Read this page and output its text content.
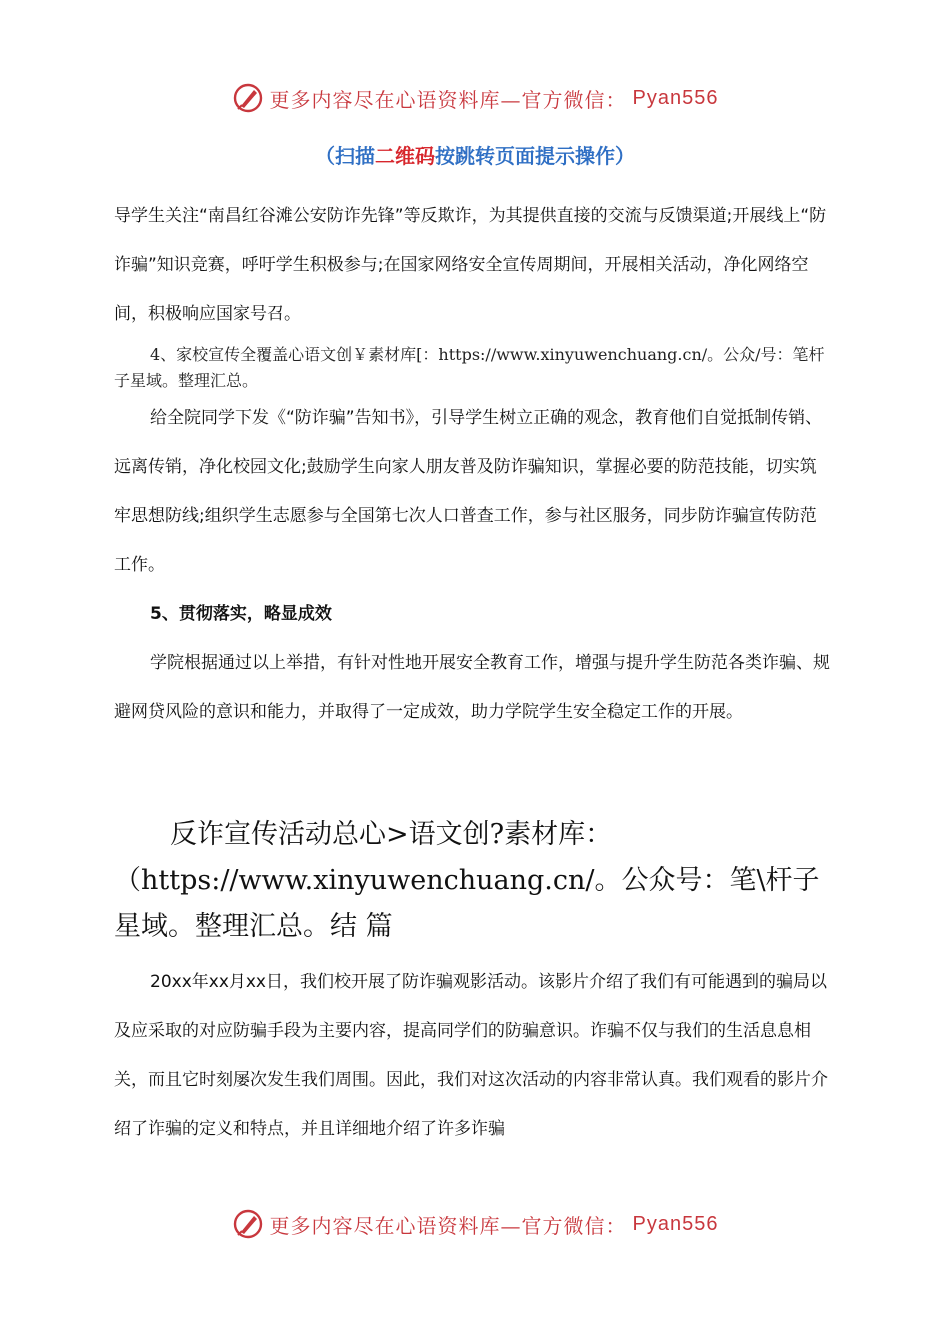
更多内容尽在心语资料库—官方微信： Pyan556
（扫描二维码按跳转页面提示操作）

导学生关注“南昌红谷滩公安防诈先锋”等反欺诈，为其提供直接的交流与反馈渠道;开展线上“防诈骗”知识竞赛，呼吁学生积极参与;在国家网络安全宣传周期间，开展相关活动，净化网络空间，积极响应国家号召。

4、家校宣传全覆盖心语文创￥素材库[：https://www.xinyuwenchuang.cn/。公众/号：笔杆子星域。整理汇总。

给全院同学下发《“防诈骗”告知书》，引导学生树立正确的观念，教育他们自觉抵制传销、远离传销，净化校园文化;鼓励学生向家人朋友普及防诈骗知识，掌握必要的防范技能，切实筑牢思想防线;组织学生志愿参与全国第七次人口普查工作，参与社区服务，同步防诈骗宣传防范工作。

5、贯彻落实，略显成效

学院根据通过以上举措，有针对性地开展安全教育工作，增强与提升学生防范各类诈骗、规避网贷风险的意识和能力，并取得了一定成效，助力学院学生安全稳定工作的开展。

反诈宣传活动总心>语文创?素材库：

（https://www.xinyuwenchuang.cn/。公众号：笔\杆子

星域。整理汇总。结 篇

20xx年xx月xx日，我们校开展了防诈骗观影活动。该影片介绍了我们有可能遇到的骗局以及应采取的对应防骗手段为主要内容，提高同学们的防骗意识。诈骗不仅与我们的生活息息相关，而且它时刻屡次发生我们周围。因此，我们对这次活动的内容非常认真。我们观看的影片介绍了诈骗的定义和特点，并且详细地介绍了许多诈骗

更多内容尽在心语资料库—官方微信： Pyan556
